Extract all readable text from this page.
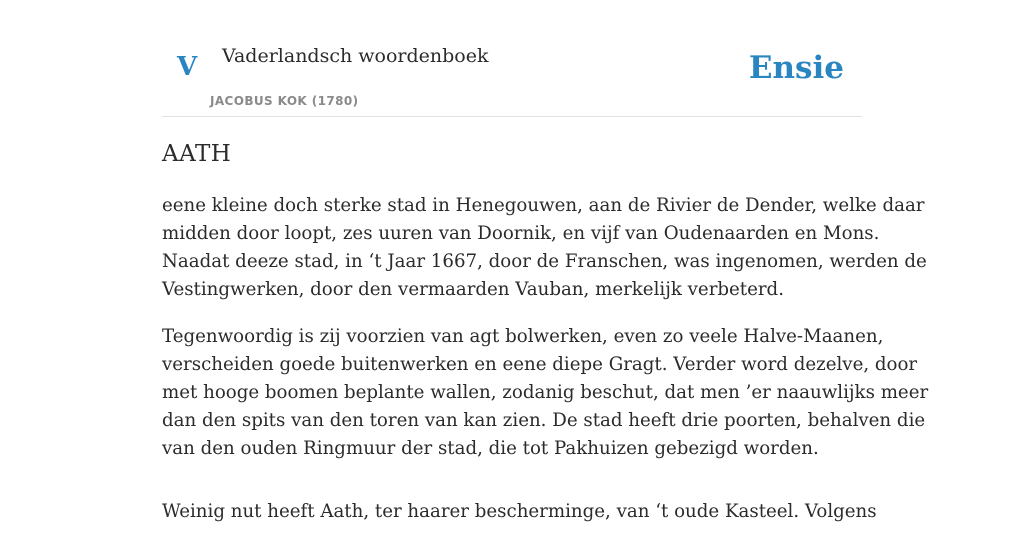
V Vaderlandsch woordenboek
JACOBUS KOK (1780)
Ensie
AATH

eene kleine doch sterke stad in Henegouwen, aan de Rivier de Dender, welke daar
midden door loopt, zes uuren van Doornik, en vijf van Oudenaarden en Mons.
Naadat deeze stad, in ‘t Jaar 1667, door de Franschen, was ingenomen, werden de
Vestingwerken, door den vermaarden Vauban, merkelijk verbeterd.

Tegenwoordig is zij voorzien van agt bolwerken, even zo veele Halve-Maanen,
verscheiden goede buitenwerken en eene diepe Gragt. Verder word dezelve, door
met hooge boomen beplante wallen, zodanig beschut, dat men ’er naauwlijks meer
dan den spits van den toren van kan zien. De stad heeft drie poorten, behalven die
van den ouden Ringmuur der stad, die tot Pakhuizen gebezigd worden.

Weinig nut heeft Aath, ter haarer bescherminge, van ‘t oude Kasteel. Volgens
